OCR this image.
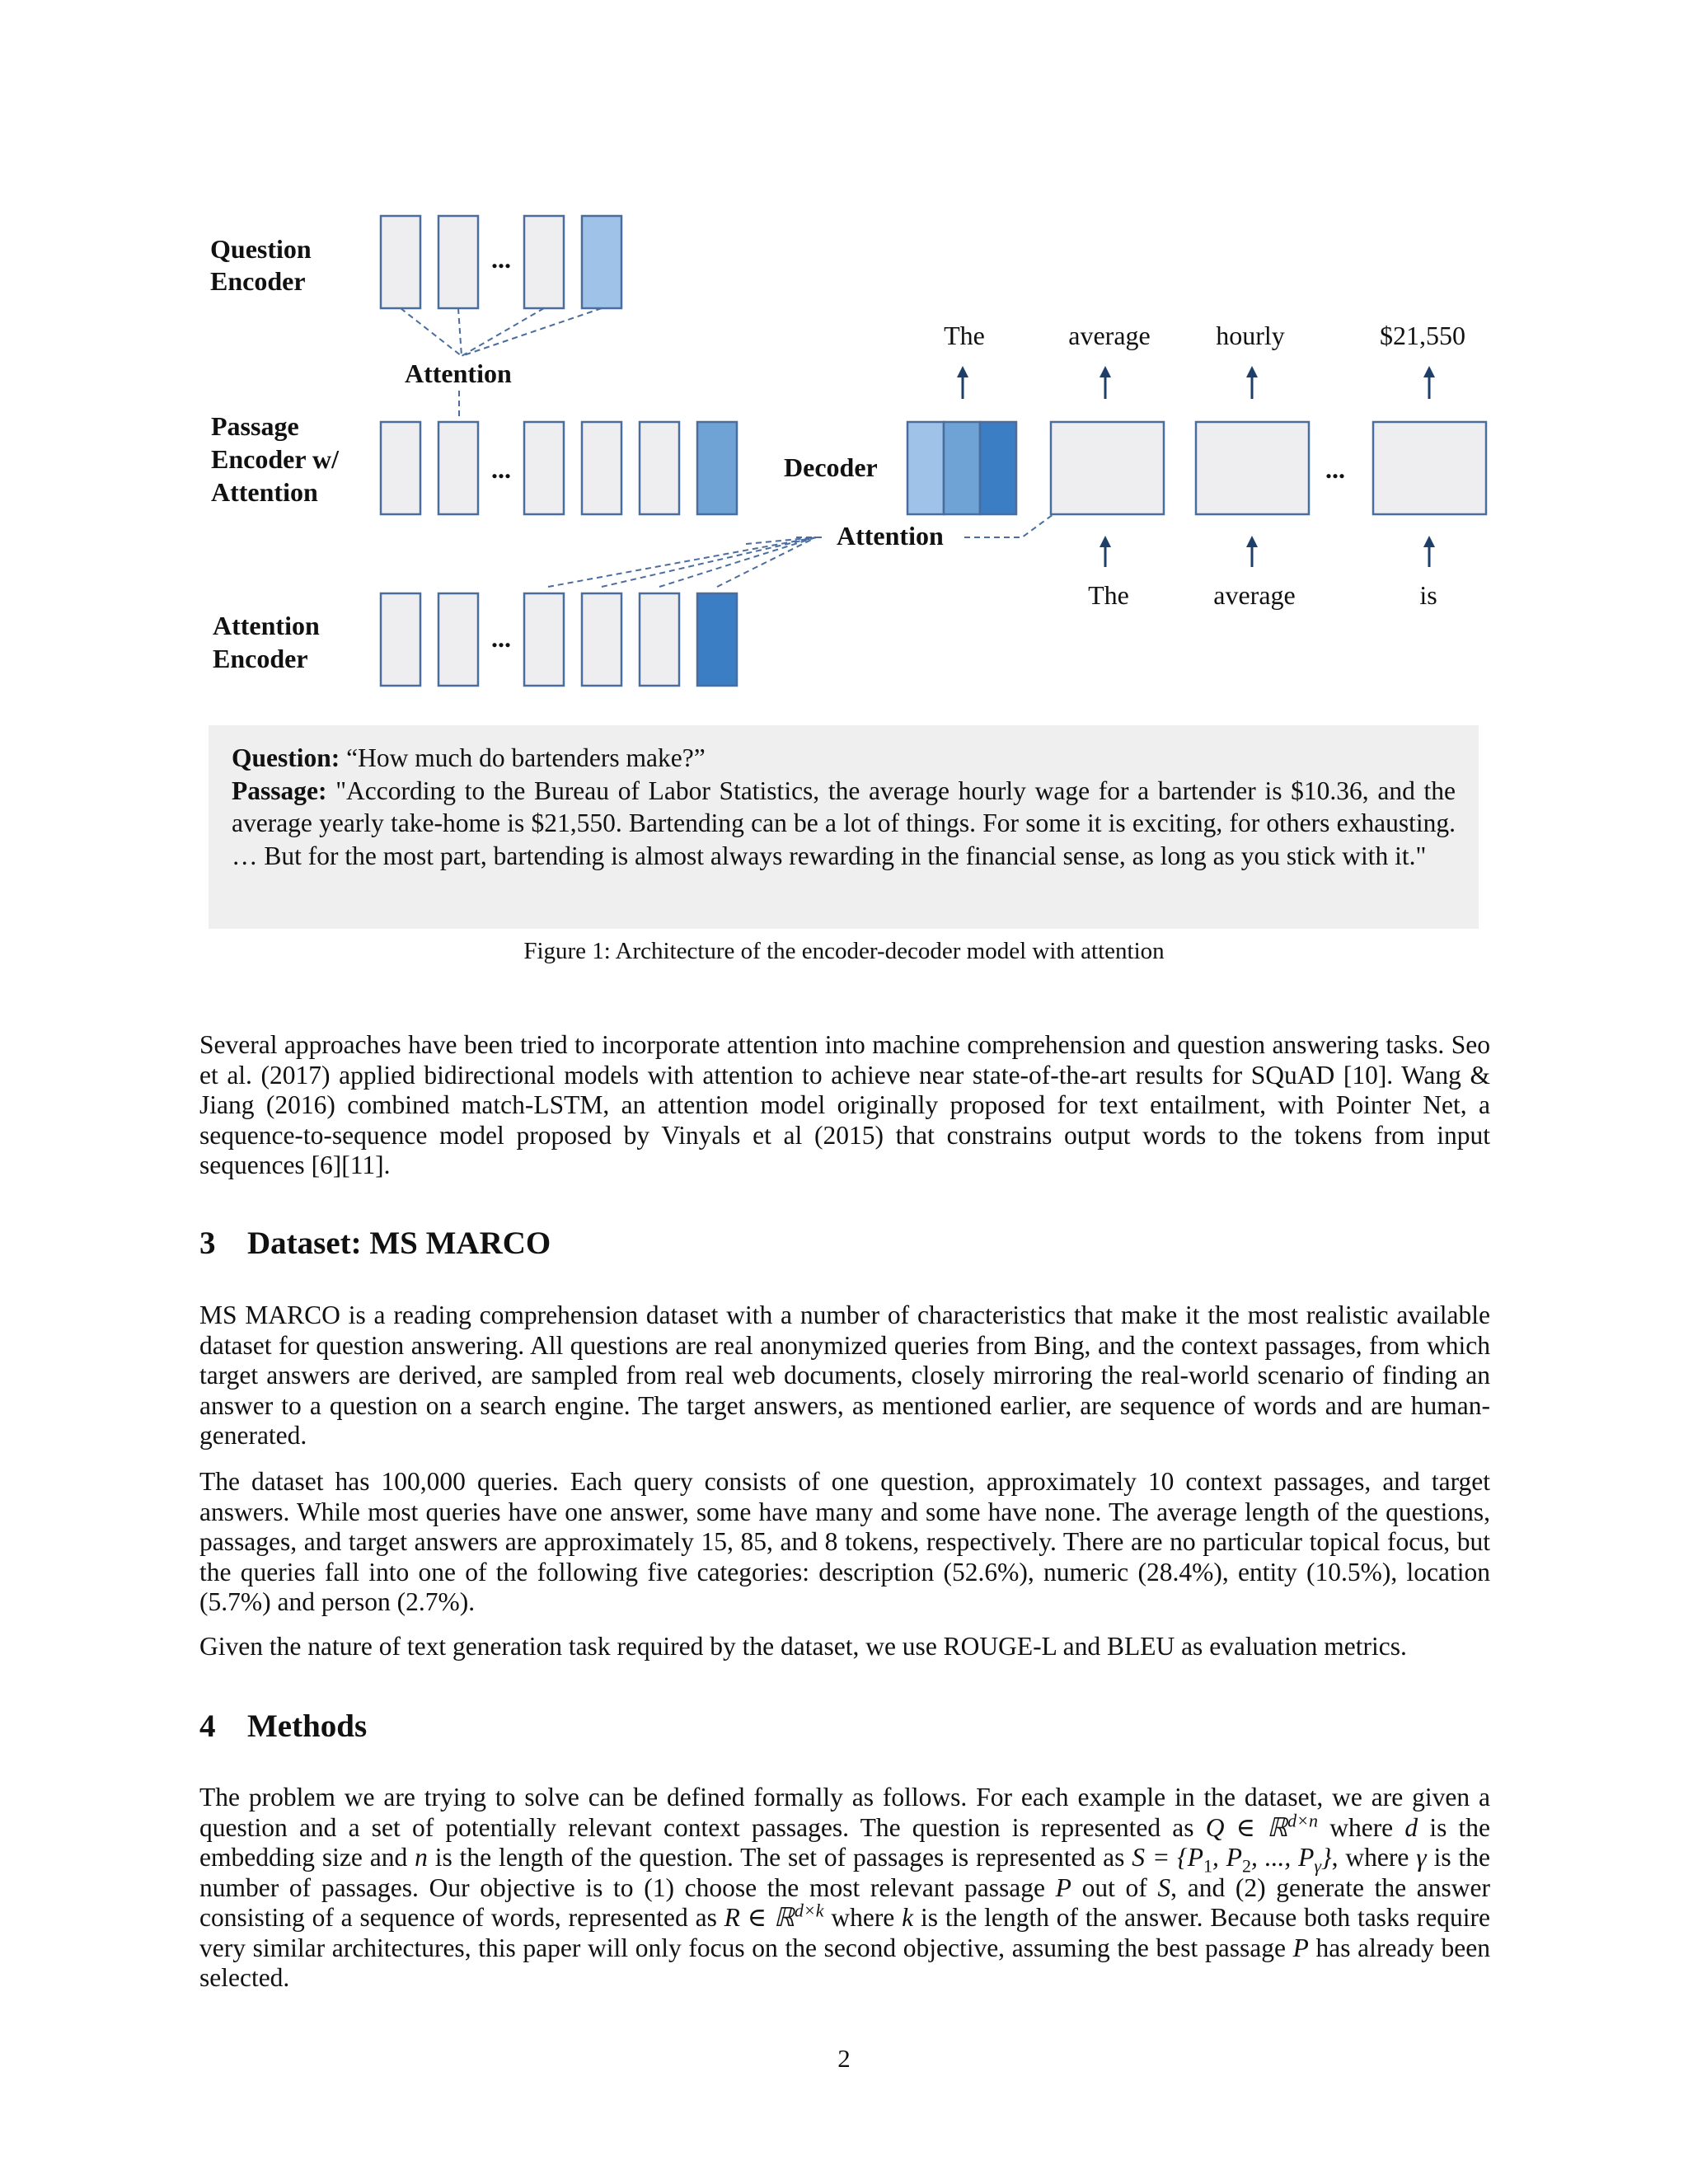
Question
Encoder
Passage
Encoder w/
Attention
Attention
Encoder
...
Attention
...
...
Decoder
Attention
...
The	average hourly	$21,550
The	average	is
Question: “How much do bartenders make?”
Passage: "According to the Bureau of Labor Statistics, the average hourly wage for a bartender is $10.36, and the average yearly take-home is $21,550. Bartending can be a lot of things. For some it is exciting, for others exhausting. … But for the most part, bartending is almost always rewarding in the financial sense, as long as you stick with it."
Figure 1: Architecture of the encoder-decoder model with attention

Several approaches have been tried to incorporate attention into machine comprehension and question answering tasks. Seo et al. (2017) applied bidirectional models with attention to achieve near state-of-the-art results for SQuAD [10]. Wang & Jiang (2016) combined match-LSTM, an attention model originally proposed for text entailment, with Pointer Net, a sequence-to-sequence model proposed by Vinyals et al (2015) that constrains output words to the tokens from input sequences [6][11].

3 Dataset: MS MARCO

MS MARCO is a reading comprehension dataset with a number of characteristics that make it the most realistic available dataset for question answering. All questions are real anonymized queries from Bing, and the context passages, from which target answers are derived, are sampled from real web documents, closely mirroring the real-world scenario of finding an answer to a question on a search engine. The target answers, as mentioned earlier, are sequence of words and are human-generated.

The dataset has 100,000 queries. Each query consists of one question, approximately 10 context passages, and target answers. While most queries have one answer, some have many and some have none. The average length of the questions, passages, and target answers are approximately 15, 85, and 8 tokens, respectively. There are no particular topical focus, but the queries fall into one of the following five categories: description (52.6%), numeric (28.4%), entity (10.5%), location (5.7%) and person (2.7%).

Given the nature of text generation task required by the dataset, we use ROUGE-L and BLEU as evaluation metrics.

4 Methods

The problem we are trying to solve can be defined formally as follows. For each example in the dataset, we are given a question and a set of potentially relevant context passages. The question is represented as Q ∈ ℝ$^{d\times n}$ where d is the embedding size and n is the length of the question. The set of passages is represented as $S = \{P_1$, $P_2$, ..., $P_\gamma$}, where γ is the number of passages. Our objective is to (1) choose the most relevant passage P out of S, and (2) generate the answer consisting of a sequence of words, represented as R ∈ ℝ$^{d\times k}$ where k is the length of the answer. Because both tasks require very similar architectures, this paper will only focus on the second objective, assuming the best passage P has already been selected.

2
